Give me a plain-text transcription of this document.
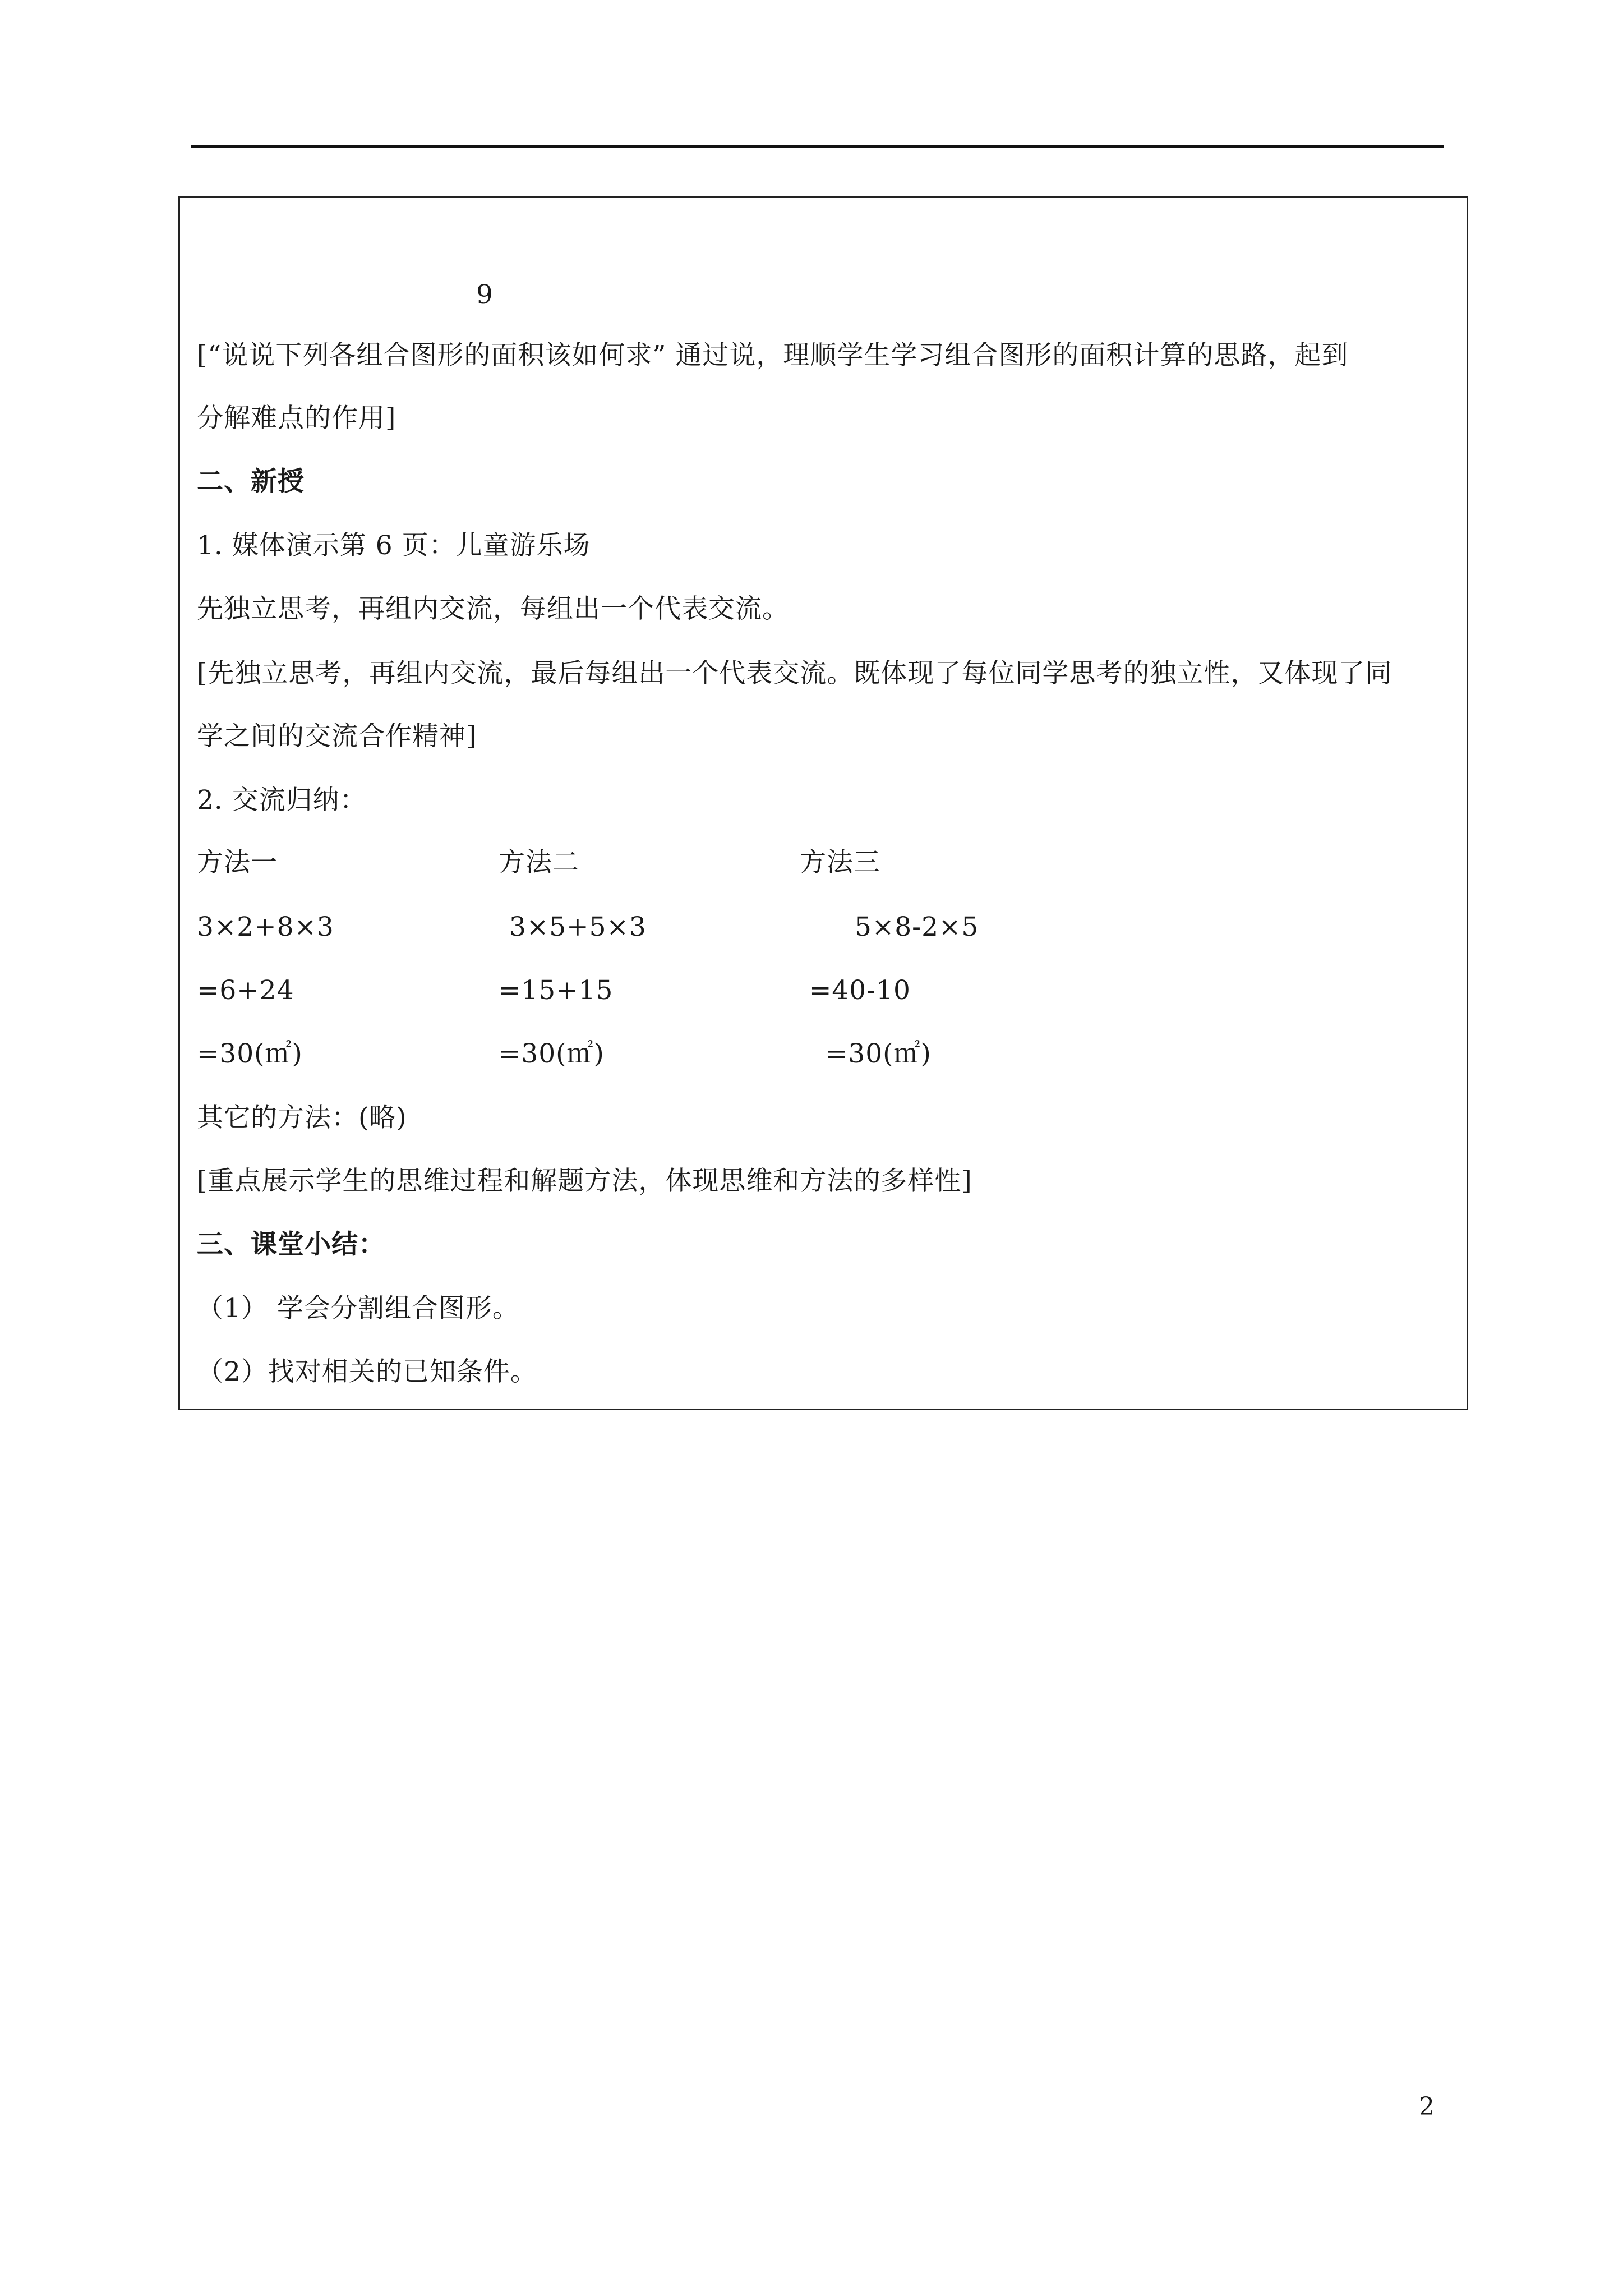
9
[“说说下列各组合图形的面积该如何求” 通过说，理顺学生学习组合图形的面积计算的思路，起到
分解难点的作用]
二、新授
1. 媒体演示第 6 页：儿童游乐场
先独立思考，再组内交流，每组出一个代表交流。
[先独立思考，再组内交流，最后每组出一个代表交流。既体现了每位同学思考的独立性，又体现了同
学之间的交流合作精神]
2. 交流归纳：
方法一	方法二	方法三
3×2+8×3	3×5+5×3	5×8-2×5
=6+24	=15+15	=40-10
=30(㎡)	=30(㎡)	=30(㎡)
其它的方法：(略)
[重点展示学生的思维过程和解题方法，体现思维和方法的多样性]
三、课堂小结：
（1） 学会分割组合图形。
（2）找对相关的已知条件。
2
